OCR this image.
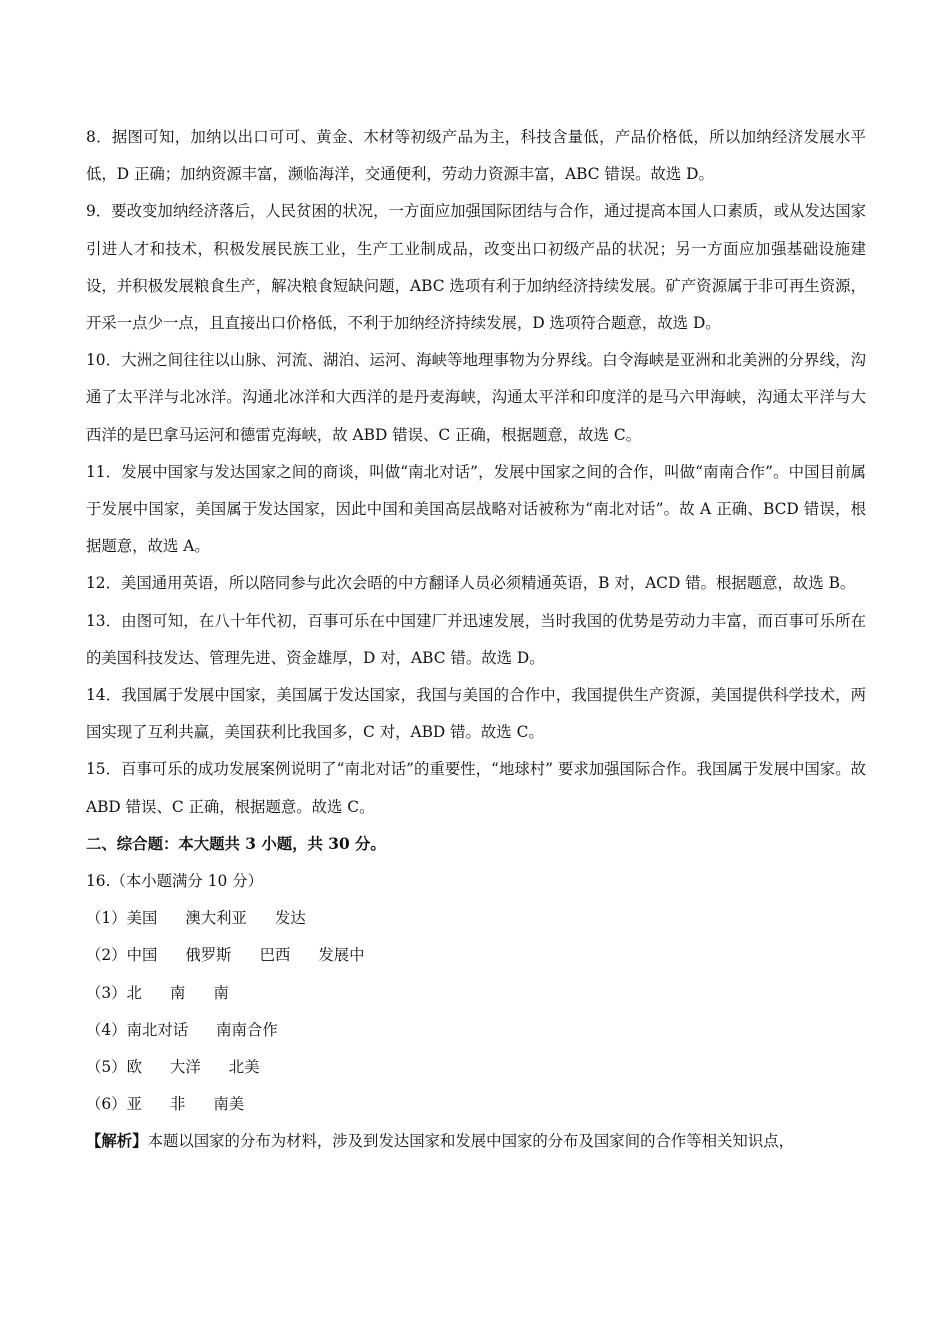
8．据图可知，加纳以出口可可、黄金、木材等初级产品为主，科技含量低，产品价格低，所以加纳经济发展水平低，D 正确；加纳资源丰富，濒临海洋，交通便利，劳动力资源丰富，ABC 错误。故选 D。

9．要改变加纳经济落后，人民贫困的状况，一方面应加强国际团结与合作，通过提高本国人口素质，或从发达国家引进人才和技术，积极发展民族工业，生产工业制成品，改变出口初级产品的状况；另一方面应加强基础设施建设，并积极发展粮食生产，解决粮食短缺问题，ABC 选项有利于加纳经济持续发展。矿产资源属于非可再生资源，开采一点少一点，且直接出口价格低，不利于加纳经济持续发展，D 选项符合题意，故选 D。

10．大洲之间往往以山脉、河流、湖泊、运河、海峡等地理事物为分界线。白令海峡是亚洲和北美洲的分界线，沟通了太平洋与北冰洋。沟通北冰洋和大西洋的是丹麦海峡，沟通太平洋和印度洋的是马六甲海峡，沟通太平洋与大西洋的是巴拿马运河和德雷克海峡，故 ABD 错误、C 正确，根据题意，故选 C。

11．发展中国家与发达国家之间的商谈，叫做“南北对话”，发展中国家之间的合作，叫做“南南合作”。中国目前属于发展中国家，美国属于发达国家，因此中国和美国高层战略对话被称为“南北对话”。故 A 正确、BCD 错误，根据题意，故选 A。

12．美国通用英语，所以陪同参与此次会晤的中方翻译人员必须精通英语，B 对，ACD 错。根据题意，故选 B。

13．由图可知，在八十年代初，百事可乐在中国建厂并迅速发展，当时我国的优势是劳动力丰富，而百事可乐所在的美国科技发达、管理先进、资金雄厚，D 对，ABC 错。故选 D。

14．我国属于发展中国家，美国属于发达国家，我国与美国的合作中，我国提供生产资源，美国提供科学技术，两国实现了互利共赢，美国获利比我国多，C 对，ABD 错。故选 C。

15．百事可乐的成功发展案例说明了“南北对话”的重要性，“地球村” 要求加强国际合作。我国属于发展中国家。故 ABD 错误、C 正确，根据题意。故选 C。

二、综合题：本大题共 3 小题，共 30 分。

16.（本小题满分 10 分）

（1） 美国 澳大利亚 发达

（2） 中国 俄罗斯 巴西 发展中

（3） 北 南 南

（4） 南北对话 南南合作

（5） 欧 大洋 北美

（6） 亚 非 南美

【解析】本题以国家的分布为材料，涉及到发达国家和发展中国家的分布及国家间的合作等相关知识点，
